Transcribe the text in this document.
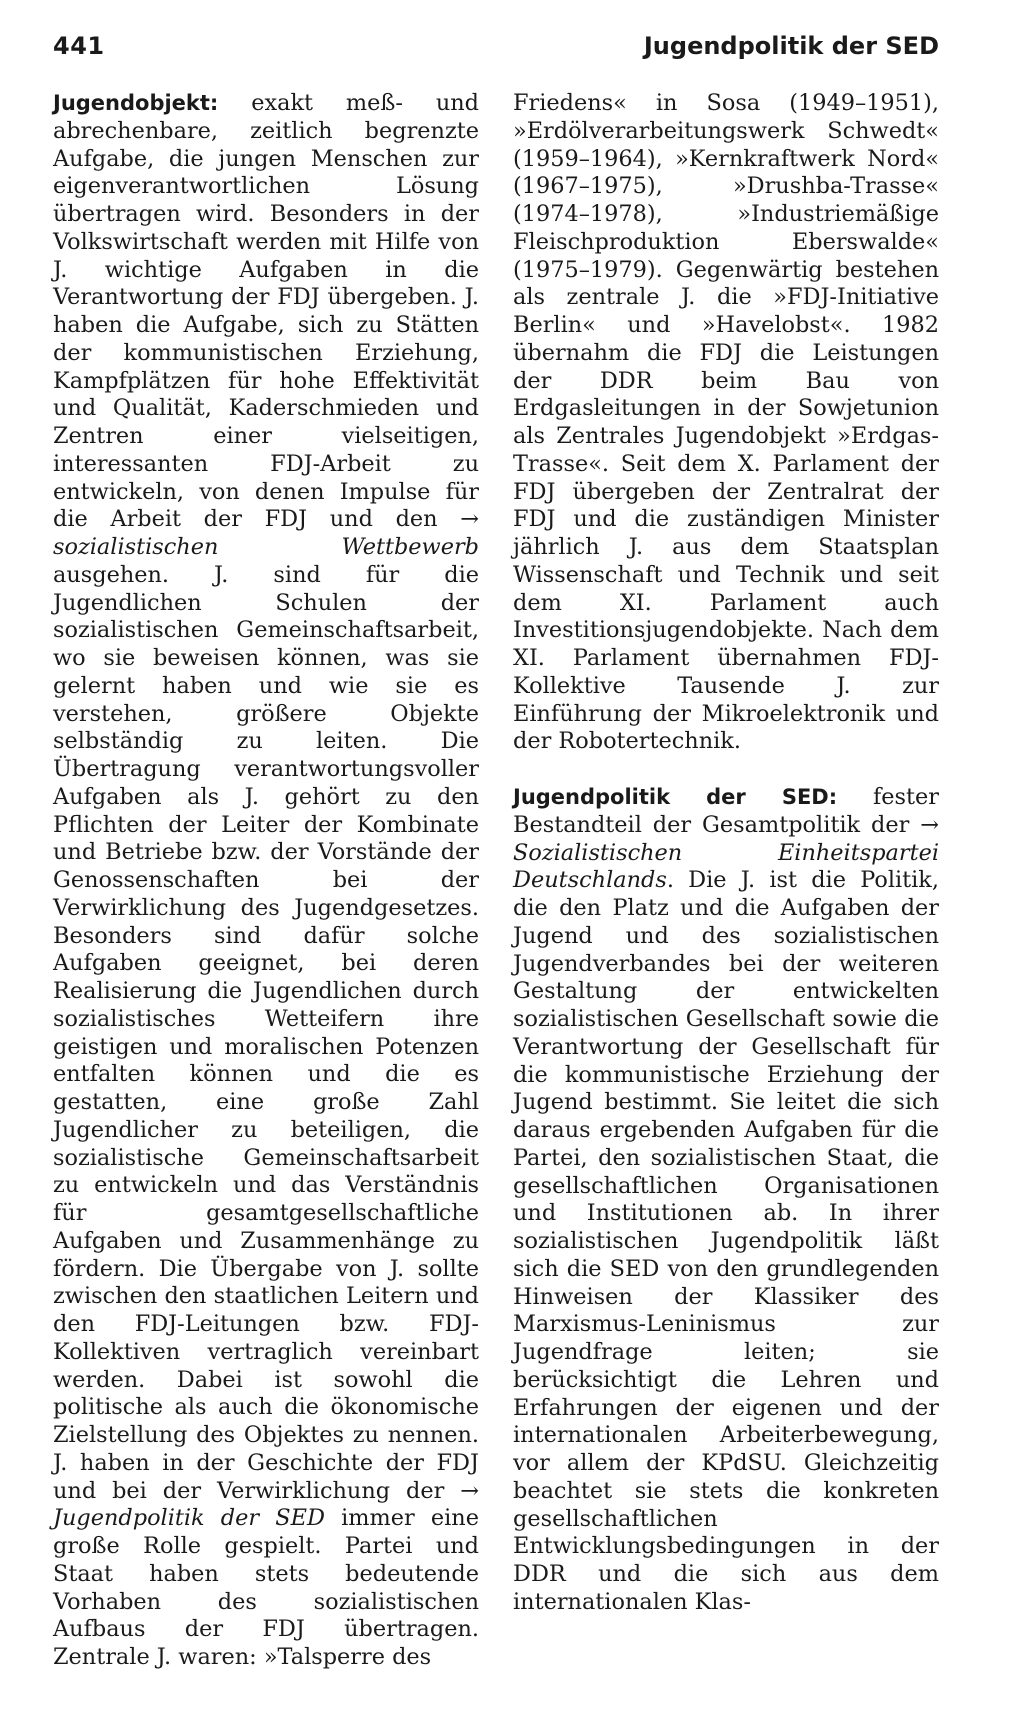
441	Jugendpolitik der SED

Jugendobjekt: exakt meß- und abrechenbare, zeitlich begrenzte Aufgabe, die jungen Menschen zur eigenverantwortlichen Lösung übertragen wird. Besonders in der Volkswirtschaft werden mit Hilfe von J. wichtige Aufgaben in die Verantwortung der FDJ übergeben. J. haben die Aufgabe, sich zu Stätten der kommunistischen Erziehung, Kampfplätzen für hohe Effektivität und Qualität, Kaderschmieden und Zentren einer vielseitigen, interessanten FDJ-Arbeit zu entwickeln, von denen Impulse für die Arbeit der FDJ und den → sozialistischen Wettbewerb ausgehen. J. sind für die Jugendlichen Schulen der sozialistischen Gemeinschaftsarbeit, wo sie beweisen können, was sie gelernt haben und wie sie es verstehen, größere Objekte selbständig zu leiten. Die Übertragung verantwortungsvoller Aufgaben als J. gehört zu den Pflichten der Leiter der Kombinate und Betriebe bzw. der Vorstände der Genossenschaften bei der Verwirklichung des Jugendgesetzes. Besonders sind dafür solche Aufgaben geeignet, bei deren Realisierung die Jugendlichen durch sozialistisches Wetteifern ihre geistigen und moralischen Potenzen entfalten können und die es gestatten, eine große Zahl Jugendlicher zu beteiligen, die sozialistische Gemeinschaftsarbeit zu entwickeln und das Verständnis für gesamtgesellschaftliche Aufgaben und Zusammenhänge zu fördern. Die Übergabe von J. sollte zwischen den staatlichen Leitern und den FDJ-Leitungen bzw. FDJ-Kollektiven vertraglich vereinbart werden. Dabei ist sowohl die politische als auch die ökonomische Zielstellung des Objektes zu nennen. J. haben in der Geschichte der FDJ und bei der Verwirklichung der → Jugendpolitik der SED immer eine große Rolle gespielt. Partei und Staat haben stets bedeutende Vorhaben des sozialistischen Aufbaus der FDJ übertragen. Zentrale J. waren: »Talsperre des

Friedens« in Sosa (1949–1951), »Erdölverarbeitungswerk Schwedt« (1959–1964), »Kernkraftwerk Nord« (1967–1975), »Drushba-Trasse« (1974–1978), »Industriemäßige Fleischproduktion Eberswalde« (1975–1979). Gegenwärtig bestehen als zentrale J. die »FDJ-Initiative Berlin« und »Havelobst«. 1982 übernahm die FDJ die Leistungen der DDR beim Bau von Erdgasleitungen in der Sowjetunion als Zentrales Jugendobjekt »Erdgas-Trasse«. Seit dem X. Parlament der FDJ übergeben der Zentralrat der FDJ und die zuständigen Minister jährlich J. aus dem Staatsplan Wissenschaft und Technik und seit dem XI. Parlament auch Investitionsjugendobjekte. Nach dem XI. Parlament übernahmen FDJ-Kollektive Tausende J. zur Einführung der Mikroelektronik und der Robotertechnik.

Jugendpolitik der SED: fester Bestandteil der Gesamtpolitik der → Sozialistischen Einheitspartei Deutschlands. Die J. ist die Politik, die den Platz und die Aufgaben der Jugend und des sozialistischen Jugendverbandes bei der weiteren Gestaltung der entwickelten sozialistischen Gesellschaft sowie die Verantwortung der Gesellschaft für die kommunistische Erziehung der Jugend bestimmt. Sie leitet die sich daraus ergebenden Aufgaben für die Partei, den sozialistischen Staat, die gesellschaftlichen Organisationen und Institutionen ab. In ihrer sozialistischen Jugendpolitik läßt sich die SED von den grundlegenden Hinweisen der Klassiker des Marxismus-Leninismus zur Jugendfrage leiten; sie berücksichtigt die Lehren und Erfahrungen der eigenen und der internationalen Arbeiterbewegung, vor allem der KPdSU. Gleichzeitig beachtet sie stets die konkreten gesellschaftlichen Entwicklungsbedingungen in der DDR und die sich aus dem internationalen Klas-
